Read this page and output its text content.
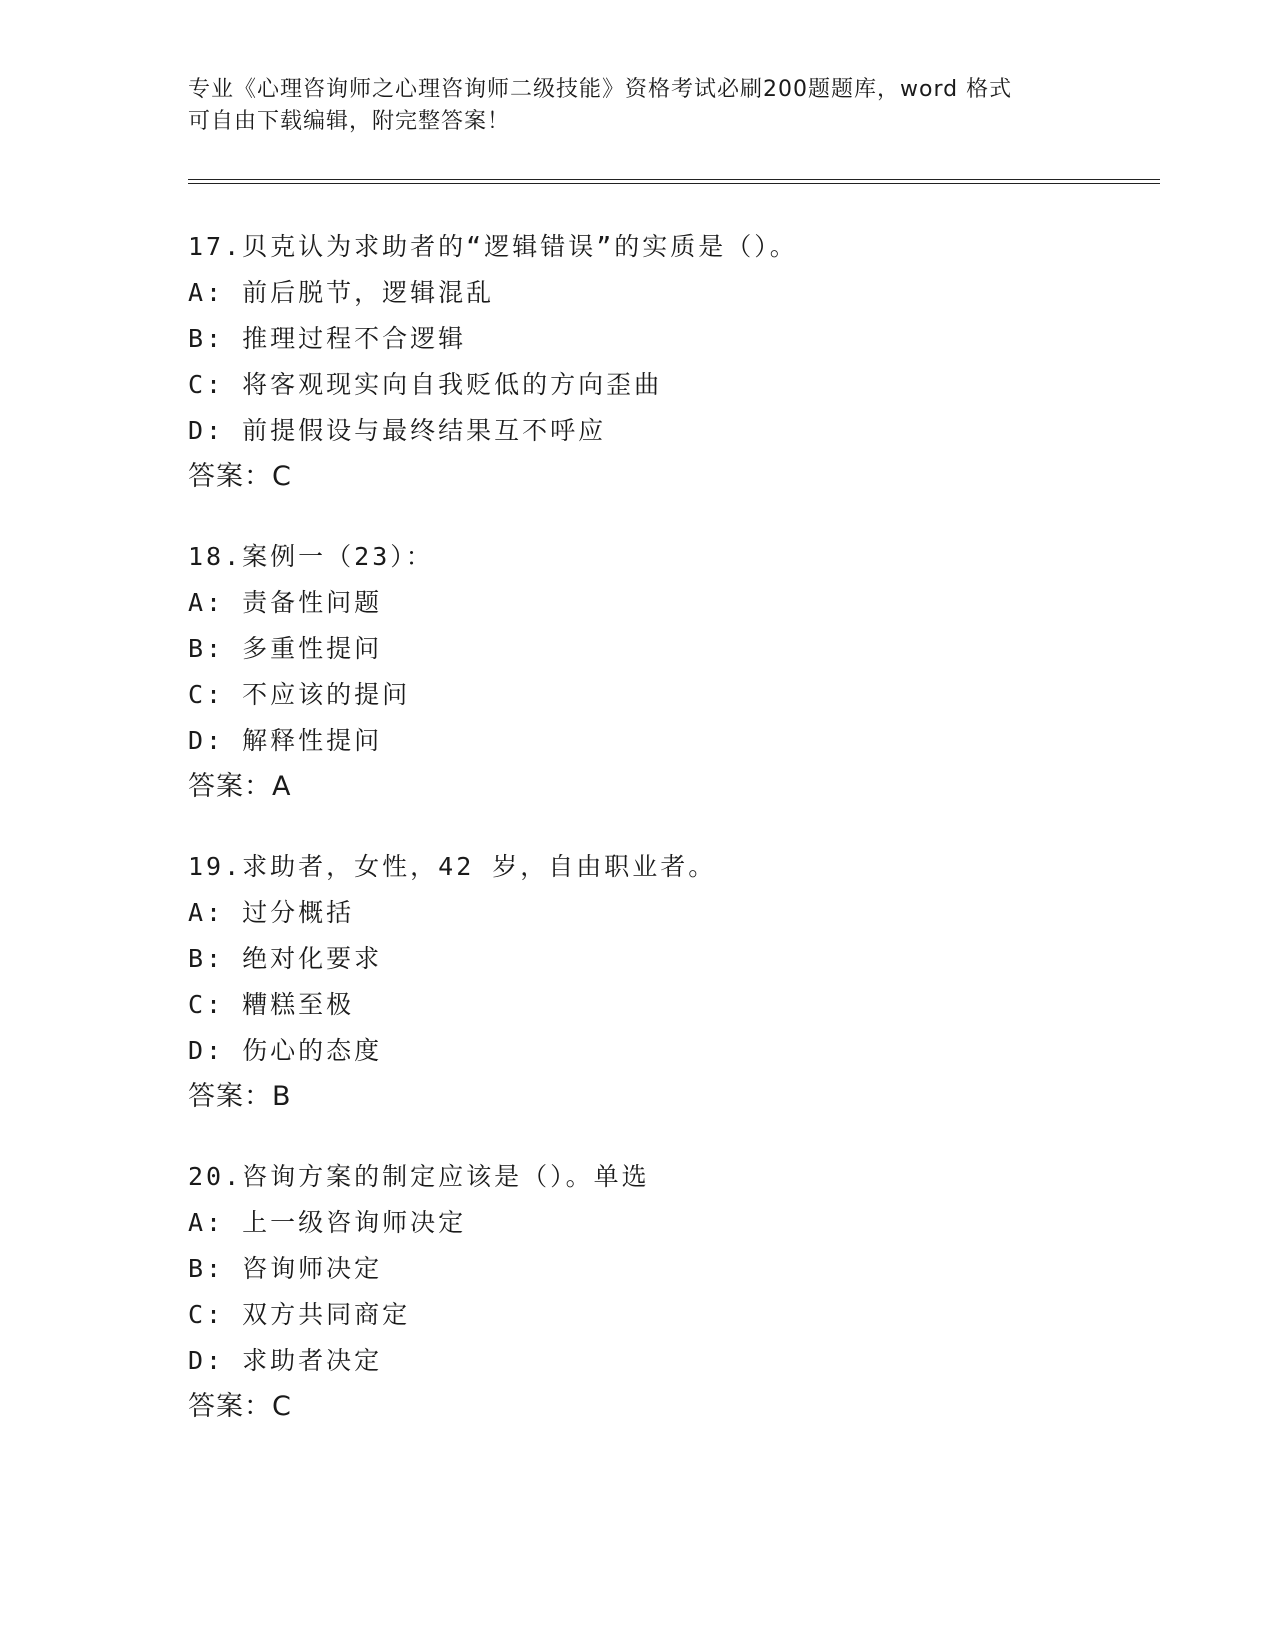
专业《心理咨询师之心理咨询师二级技能》资格考试必刷200题题库，word 格式
可自由下载编辑，附完整答案！
17.贝克认为求助者的“逻辑错误”的实质是（）。
A: 前后脱节，逻辑混乱
B: 推理过程不合逻辑
C: 将客观现实向自我贬低的方向歪曲
D: 前提假设与最终结果互不呼应
答案：C
18.案例一（23）：
A: 责备性问题
B: 多重性提问
C: 不应该的提问
D: 解释性提问
答案：A
19.求助者，女性，42 岁，自由职业者。
A: 过分概括
B: 绝对化要求
C: 糟糕至极
D: 伤心的态度
答案：B
20.咨询方案的制定应该是（）。单选
A: 上一级咨询师决定
B: 咨询师决定
C: 双方共同商定
D: 求助者决定
答案：C
